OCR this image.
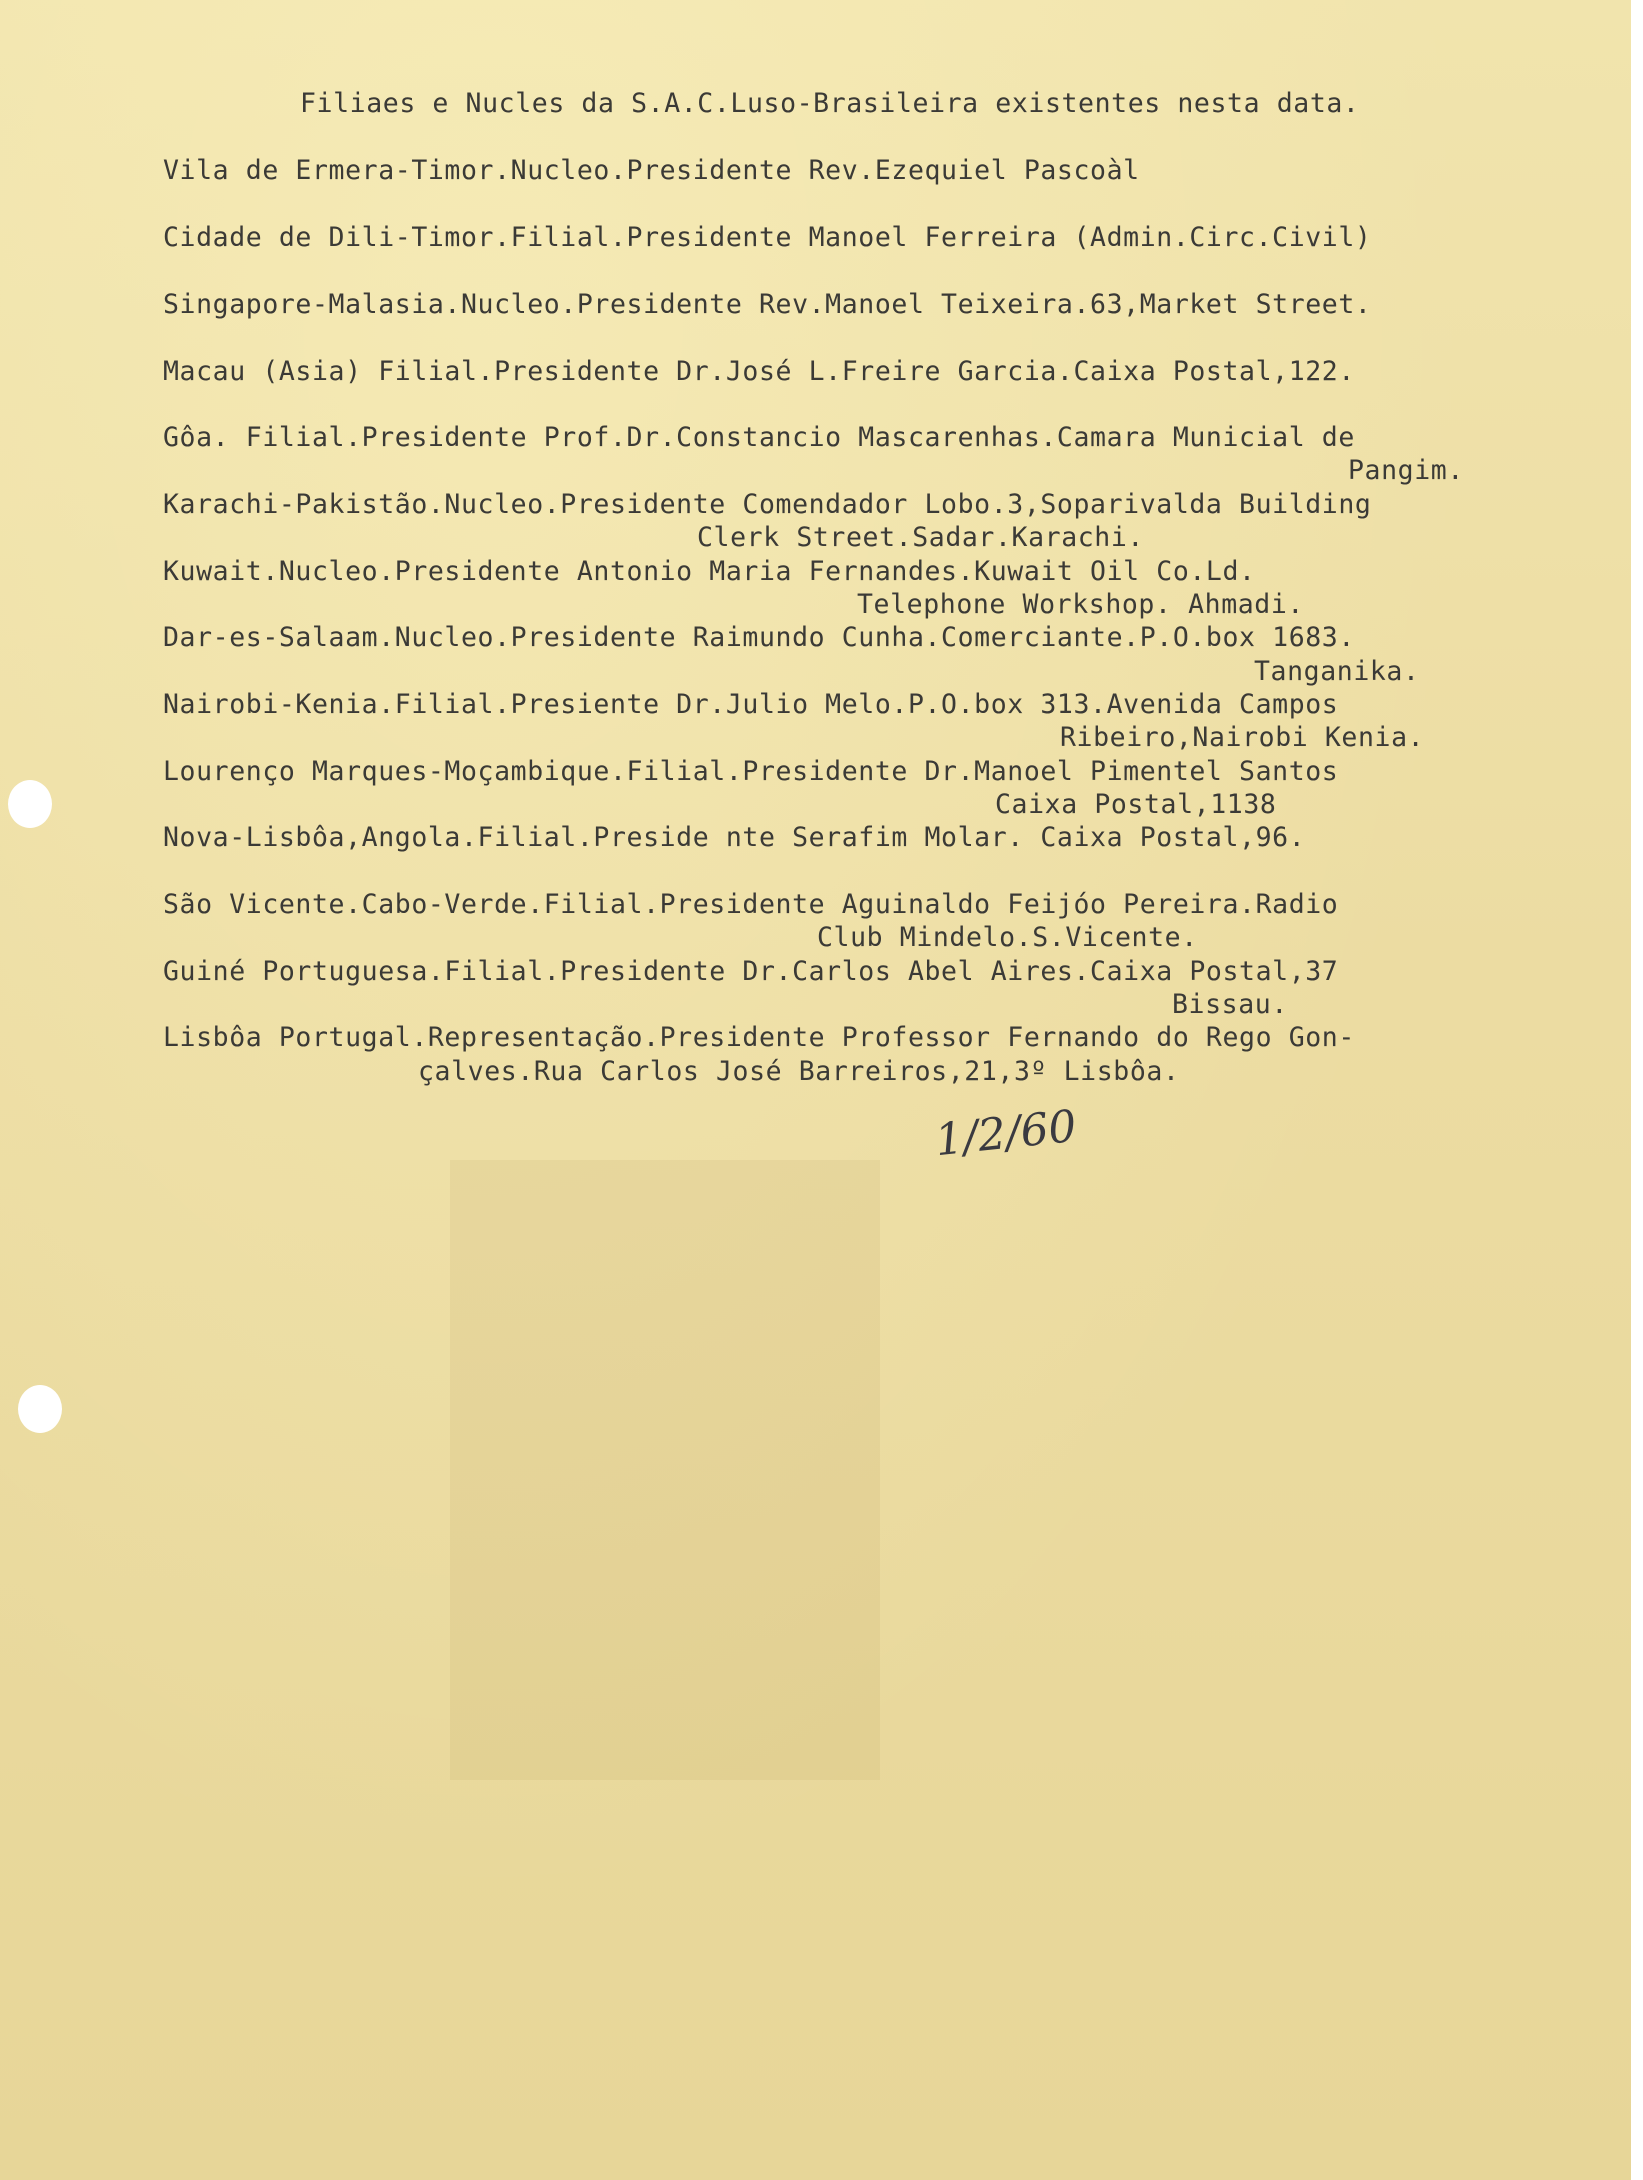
Filiaes e Nucles da S.A.C.Luso-Brasileira existentes nesta data.

Vila de Ermera-Timor.Nucleo.Presidente Rev.Ezequiel Pascoàl

Cidade de Dili-Timor.Filial.Presidente Manoel Ferreira (Admin.Circ.Civil)

Singapore-Malasia.Nucleo.Presidente Rev.Manoel Teixeira.63,Market Street.

Macau (Asia) Filial.Presidente Dr.José L.Freire Garcia.Caixa Postal,122.

Gôa. Filial.Presidente Prof.Dr.Constancio Mascarenhas.Camara Municial de

Pangim.

Karachi-Pakistão.Nucleo.Presidente Comendador Lobo.3,Soparivalda Building

Clerk Street.Sadar.Karachi.

Kuwait.Nucleo.Presidente Antonio Maria Fernandes.Kuwait Oil Co.Ld.

Telephone Workshop. Ahmadi.

Dar-es-Salaam.Nucleo.Presidente Raimundo Cunha.Comerciante.P.O.box 1683.

Tanganika.

Nairobi-Kenia.Filial.Presiente Dr.Julio Melo.P.O.box 313.Avenida Campos

Ribeiro,Nairobi Kenia.

Lourenço Marques-Moçambique.Filial.Presidente Dr.Manoel Pimentel Santos

Caixa Postal,1138

Nova-Lisbôa,Angola.Filial.Preside nte Serafim Molar. Caixa Postal,96.

São Vicente.Cabo-Verde.Filial.Presidente Aguinaldo Feijóo Pereira.Radio

Club Mindelo.S.Vicente.

Guiné Portuguesa.Filial.Presidente Dr.Carlos Abel Aires.Caixa Postal,37

Bissau.

Lisbôa Portugal.Representação.Presidente Professor Fernando do Rego Gon-

çalves.Rua Carlos José Barreiros,21,3º Lisbôa.

1/2/60
